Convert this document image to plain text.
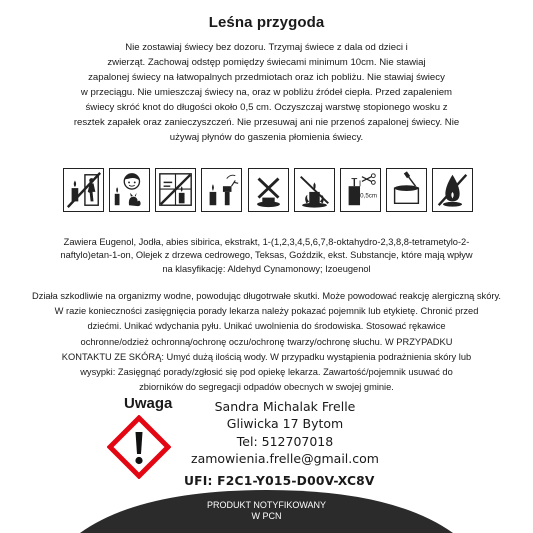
Leśna przygoda
Nie zostawiaj świecy bez dozoru. Trzymaj świece z dala od dzieci i
zwierząt. Zachowaj odstęp pomiędzy świecami minimum 10cm. Nie stawiaj
zapalonej świecy na łatwopalnych przedmiotach oraz ich pobliżu. Nie stawiaj świecy
w przeciągu. Nie umieszczaj świecy na, oraz w pobliżu źródeł ciepła. Przed zapaleniem
świecy skróć knot do długości około 0,5 cm. Oczyszczaj warstwę stopionego wosku z
resztek zapałek oraz zanieczyszczeń. Nie przesuwaj ani nie przenoś zapalonej świecy. Nie
używaj płynów do gaszenia płomienia świecy.
0,5cm
Zawiera Eugenol, Jodła, abies sibirica, ekstrakt, 1-(1,2,3,4,5,6,7,8-oktahydro-2,3,8,8-tetrametylo-2-
naftylo)etan-1-on, Olejek z drzewa cedrowego, Teksas, Goździk, ekst. Substancje, które mają wpływ
na klasyfikację: Aldehyd Cynamonowy; Izoeugenol
Działa szkodliwie na organizmy wodne, powodując długotrwałe skutki. Może powodować reakcję alergiczną skóry.
W razie konieczności zasięgnięcia porady lekarza należy pokazać pojemnik lub etykietę. Chronić przed
dziećmi. Unikać wdychania pyłu. Unikać uwolnienia do środowiska. Stosować rękawice
ochronne/odzież ochronną/ochronę oczu/ochronę twarzy/ochronę słuchu. W PRZYPADKU
KONTAKTU ZE SKÓRĄ: Umyć dużą ilością wody. W przypadku wystąpienia podrażnienia skóry lub
wysypki: Zasięgnąć porady/zgłosić się pod opiekę lekarza. Zawartość/pojemnik usuwać do
zbiorników do segregacji odpadów obecnych w swojej gminie.
Uwaga	Sandra Michalak Frelle
Gliwicka 17 Bytom
Tel: 512707018
zamowienia.frelle@gmail.com
UFI: F2C1-Y015-D00V-XC8V
PRODUKT NOTYFIKOWANY
W PCN
